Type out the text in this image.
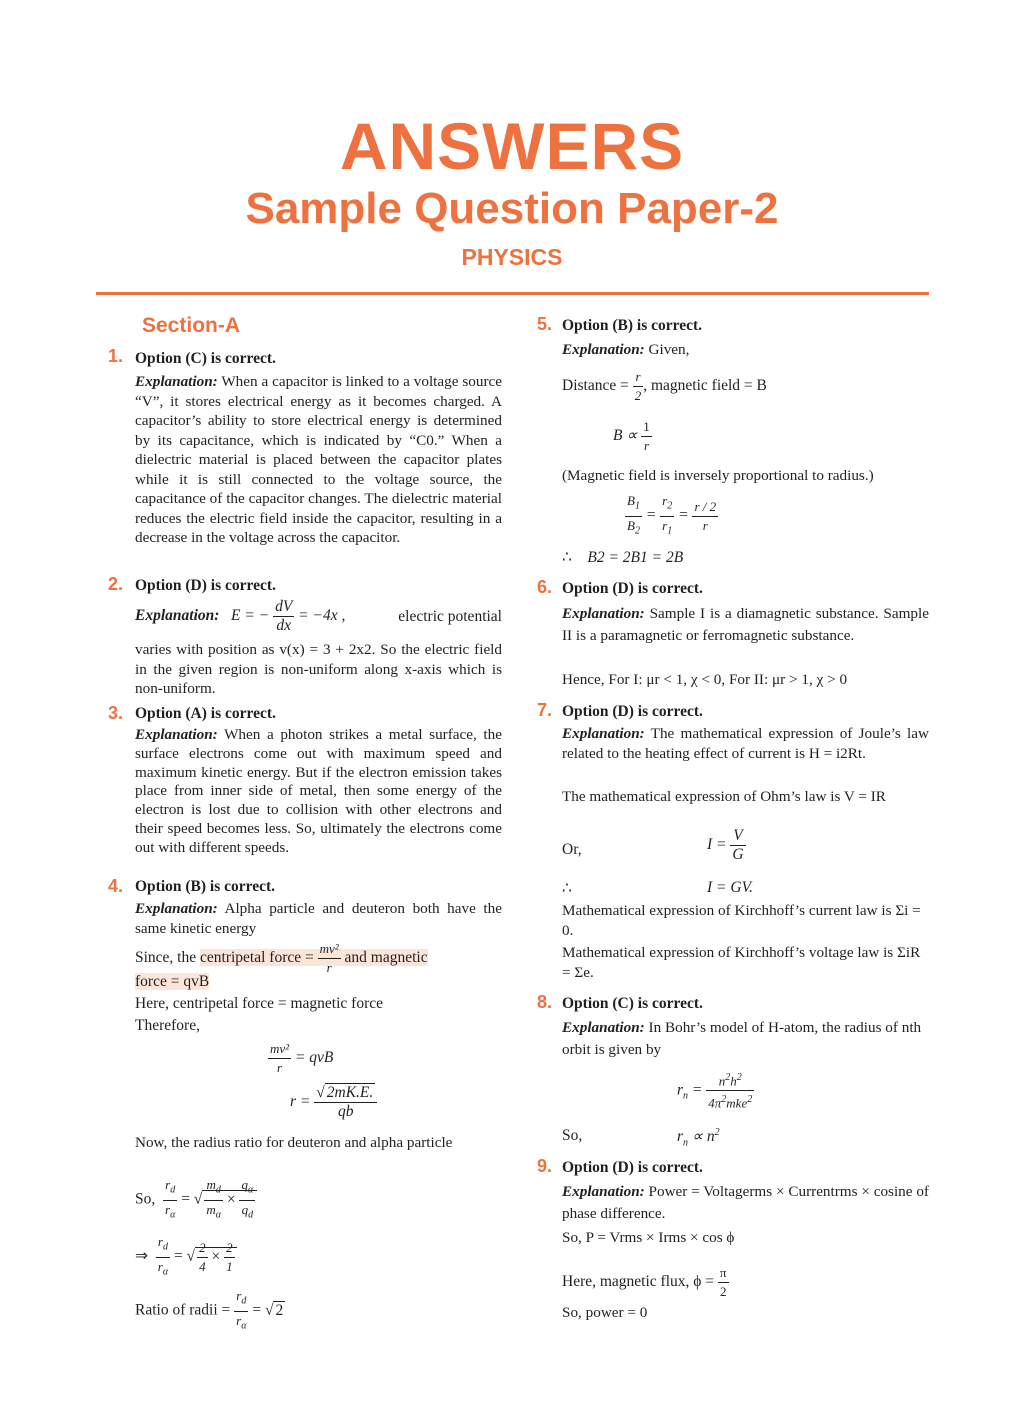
ANSWERS
Sample Question Paper-2
PHYSICS
Section-A
1. Option (C) is correct.
Explanation: When a capacitor is linked to a voltage source “V”, it stores electrical energy as it becomes charged. A capacitor’s ability to store electrical energy is determined by its capacitance, which is indicated by “C0.” When a dielectric material is placed between the capacitor plates while it is still connected to the voltage source, the capacitance of the capacitor changes. The dielectric material reduces the electric field inside the capacitor, resulting in a decrease in the voltage across the capacitor.
2. Option (D) is correct.
Explanation: E = − $\frac{dV}{dx} = -4x$ ,	electric potential
varies with position as v(x) = 3 + 2x2. So the electric field in the given region is non-uniform along x-axis which is non-uniform.
3. Option (A) is correct.
Explanation: When a photon strikes a metal surface, the surface electrons come out with maximum speed and maximum kinetic energy. But if the electron emission takes place from inner side of metal, then some energy of the electron is lost due to collision with other electrons and their speed becomes less. So, ultimately the electrons come out with different speeds.
4. Option (B) is correct.
Explanation: Alpha particle and deuteron both have the same kinetic energy
Since, the centripetal force = $\frac{\text{mv²}}{r}$ and magnetic
force = qvB
Here, centripetal force = magnetic force
Therefore,
$\frac{\text{mv²}}{r}$ = qvB
$r = \frac{√ 2mK.E.}{qb}$
Now, the radius ratio for deuteron and alpha particle
So, $\frac{r_d}{r_\alpha}$ = √ $\frac{m_d}{m_\alpha} \times \frac{q_\alpha}{q_d}$
⇒ $\frac{r_d}{r_\alpha}$ = √ $\frac{2}{4} \times \frac{2}{1}$
Ratio of radii = $\frac{r_d}{r_\alpha}$ = √ 2
5. Option (B) is correct.
Explanation: Given,
Distance = $\frac{r}{2}$ , magnetic field = B
$B \propto \frac{1}{r}$
(Magnetic field is inversely proportional to radius.)
$\frac{B_1}{B_2} = \frac{r_2}{r_1} = \frac{r / 2}{r}$
∴ B2 = 2B1 = 2B
6. Option (D) is correct.
Explanation: Sample I is a diamagnetic substance. Sample II is a paramagnetic or ferromagnetic substance.
Hence, For I: μr < 1, χ < 0, For II: μr > 1, χ > 0
7. Option (D) is correct.
Explanation: The mathematical expression of Joule’s law related to the heating effect of current is H = i2Rt.
The mathematical expression of Ohm’s law is V = IR
Or,	$I = \frac{V}{G}$
∴	I = GV.
Mathematical expression of Kirchhoff’s current law is Σi = 0.
Mathematical expression of Kirchhoff’s voltage law is ΣiR = Σe.
8. Option (C) is correct.
Explanation: In Bohr’s model of H-atom, the radius of nth orbit is given by
$r_n$ =
$n^2h^2$
$4\pi^2mke^2$
So,	$r_n \propto n^2$
9. Option (D) is correct.
Explanation: Power = Voltagerms × Currentrms × cosine of phase difference.
So, P = Vrms × Irms × cos ϕ
Here, magnetic flux, $\phi = \frac{\pi}{2}$
So, power = 0
